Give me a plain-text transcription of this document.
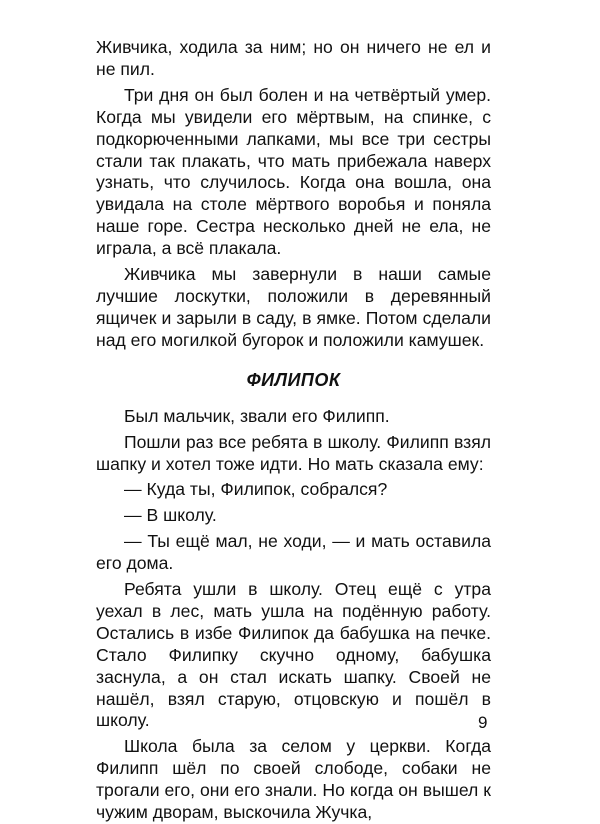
Живчика, ходила за ним; но он ничего не ел и не пил.

Три дня он был болен и на четвёртый умер. Когда мы увидели его мёртвым, на спинке, с подкорюченными лапками, мы все три сестры стали так плакать, что мать прибежала наверх узнать, что случилось. Когда она вошла, она увидала на столе мёртвого воробья и поняла наше горе. Сестра несколько дней не ела, не играла, а всё плакала.

Живчика мы завернули в наши самые лучшие лоскутки, положили в деревянный ящичек и зарыли в саду, в ямке. Потом сделали над его могилкой бугорок и положили камушек.

ФИЛИПОК

Был мальчик, звали его Филипп.

Пошли раз все ребята в школу. Филипп взял шапку и хотел тоже идти. Но мать сказала ему:

— Куда ты, Филипок, собрался?

— В школу.

— Ты ещё мал, не ходи, — и мать оставила его дома.

Ребята ушли в школу. Отец ещё с утра уехал в лес, мать ушла на подённую работу. Остались в избе Филипок да бабушка на печке. Стало Филипку скучно одному, бабушка заснула, а он стал искать шапку. Своей не нашёл, взял старую, отцовскую и пошёл в школу.

Школа была за селом у церкви. Когда Филипп шёл по своей слободе, собаки не трогали его, они его знали. Но когда он вышел к чужим дворам, выскочила Жучка,

9
